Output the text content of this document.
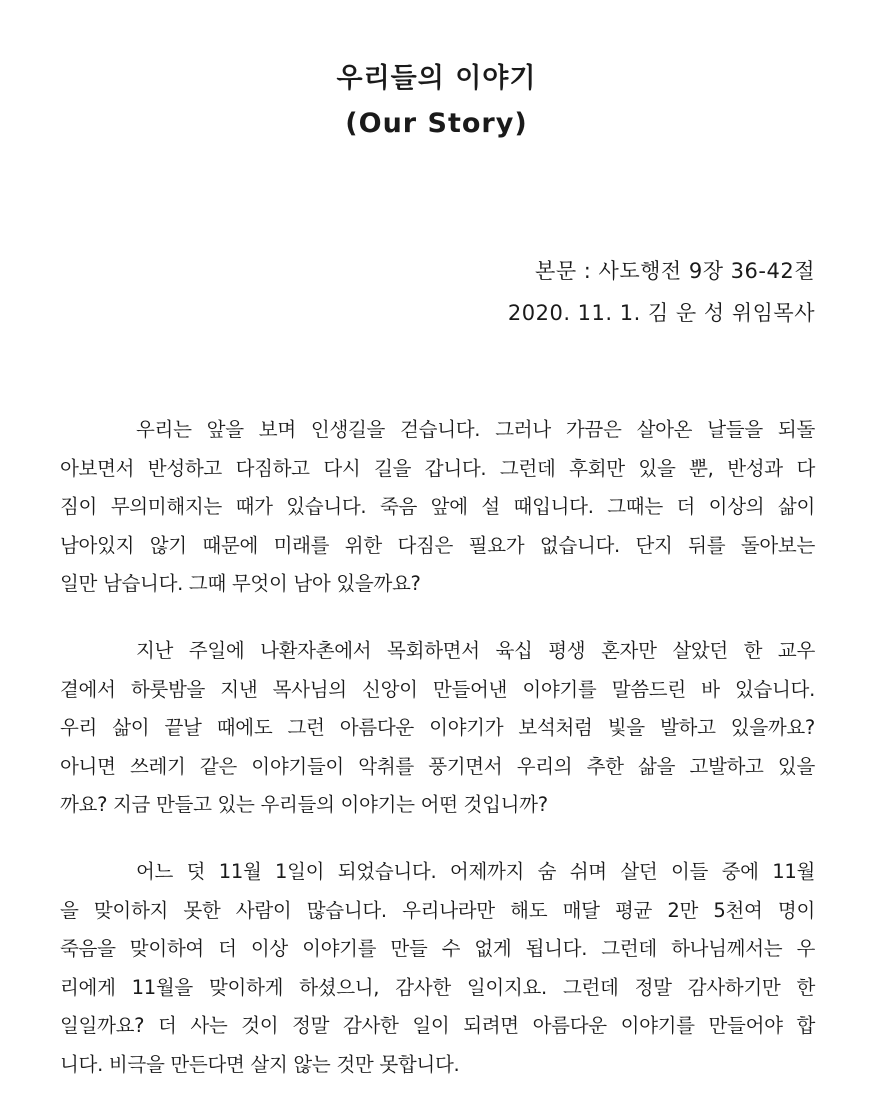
우리들의 이야기
(Our Story)

본문 : 사도행전 9장 36-42절

2020. 11. 1. 김 운 성 위임목사

우리는 앞을 보며 인생길을 걷습니다. 그러나 가끔은 살아온 날들을 되돌
아보면서 반성하고 다짐하고 다시 길을 갑니다. 그런데 후회만 있을 뿐, 반성과 다
짐이 무의미해지는 때가 있습니다. 죽음 앞에 설 때입니다. 그때는 더 이상의 삶이
남아있지 않기 때문에 미래를 위한 다짐은 필요가 없습니다. 단지 뒤를 돌아보는
일만 남습니다. 그때 무엇이 남아 있을까요?
지난 주일에 나환자촌에서 목회하면서 육십 평생 혼자만 살았던 한 교우
곁에서 하룻밤을 지낸 목사님의 신앙이 만들어낸 이야기를 말씀드린 바 있습니다.
우리 삶이 끝날 때에도 그런 아름다운 이야기가 보석처럼 빛을 발하고 있을까요?
아니면 쓰레기 같은 이야기들이 악취를 풍기면서 우리의 추한 삶을 고발하고 있을
까요? 지금 만들고 있는 우리들의 이야기는 어떤 것입니까?
어느 덧 11월 1일이 되었습니다. 어제까지 숨 쉬며 살던 이들 중에 11월
을 맞이하지 못한 사람이 많습니다. 우리나라만 해도 매달 평균 2만 5천여 명이
죽음을 맞이하여 더 이상 이야기를 만들 수 없게 됩니다. 그런데 하나님께서는 우
리에게 11월을 맞이하게 하셨으니, 감사한 일이지요. 그런데 정말 감사하기만 한
일일까요? 더 사는 것이 정말 감사한 일이 되려면 아름다운 이야기를 만들어야 합
니다. 비극을 만든다면 살지 않는 것만 못합니다.
